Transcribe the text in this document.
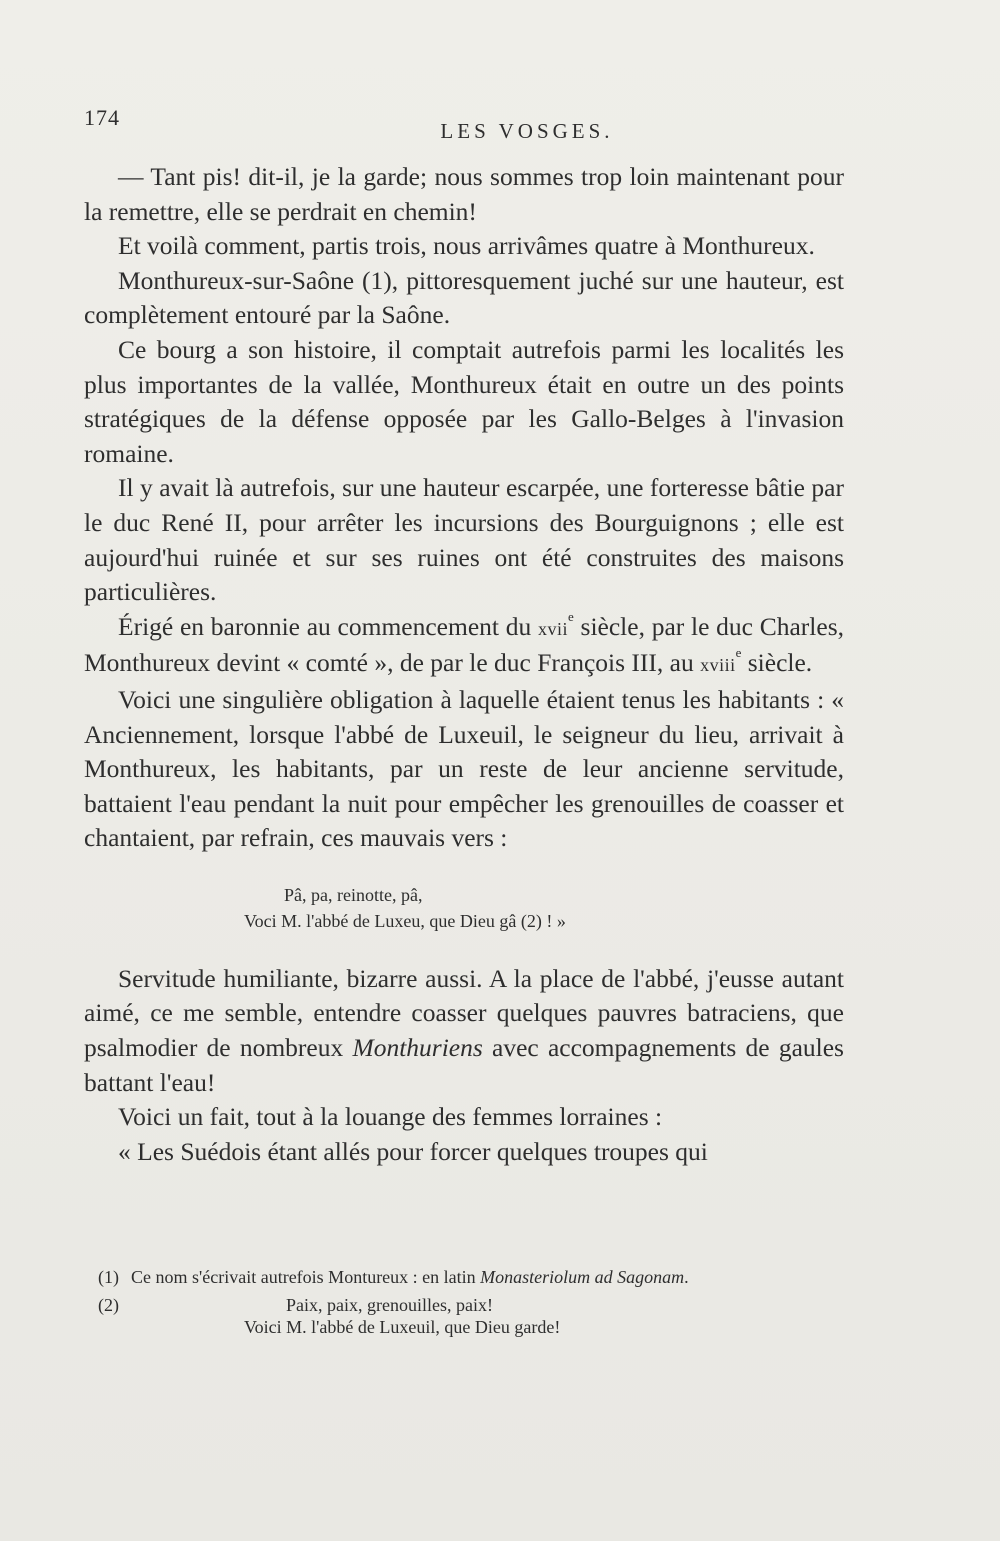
174
LES VOSGES.

— Tant pis! dit-il, je la garde; nous sommes trop loin maintenant pour la remettre, elle se perdrait en chemin!

Et voilà comment, partis trois, nous arrivâmes quatre à Monthureux.

Monthureux-sur-Saône (1), pittoresquement juché sur une hauteur, est complètement entouré par la Saône.

Ce bourg a son histoire, il comptait autrefois parmi les localités les plus importantes de la vallée, Monthureux était en outre un des points stratégiques de la défense opposée par les Gallo-Belges à l'invasion romaine.

Il y avait là autrefois, sur une hauteur escarpée, une forteresse bâtie par le duc René II, pour arrêter les incursions des Bourguignons ; elle est aujourd'hui ruinée et sur ses ruines ont été construites des maisons particulières.

Érigé en baronnie au commencement du xvii$^e$ siècle, par le duc Charles, Monthureux devint « comté », de par le duc François III, au xviii$^e$ siècle.

Voici une singulière obligation à laquelle étaient tenus les habitants : « Anciennement, lorsque l'abbé de Luxeuil, le seigneur du lieu, arrivait à Monthureux, les habitants, par un reste de leur ancienne servitude, battaient l'eau pendant la nuit pour empêcher les grenouilles de coasser et chantaient, par refrain, ces mauvais vers :

Pâ, pa, reinotte, pâ,
Voci M. l'abbé de Luxeu, que Dieu gâ (2) ! »

Servitude humiliante, bizarre aussi. A la place de l'abbé, j'eusse autant aimé, ce me semble, entendre coasser quelques pauvres batraciens, que psalmodier de nombreux Monthuriens avec accompagnements de gaules battant l'eau!

Voici un fait, tout à la louange des femmes lorraines :

« Les Suédois étant allés pour forcer quelques troupes qui

(1) Ce nom s'écrivait autrefois Montureux : en latin Monasteriolum ad Sagonam.
(2)	Paix, paix, grenouilles, paix!
Voici M. l'abbé de Luxeuil, que Dieu garde!
